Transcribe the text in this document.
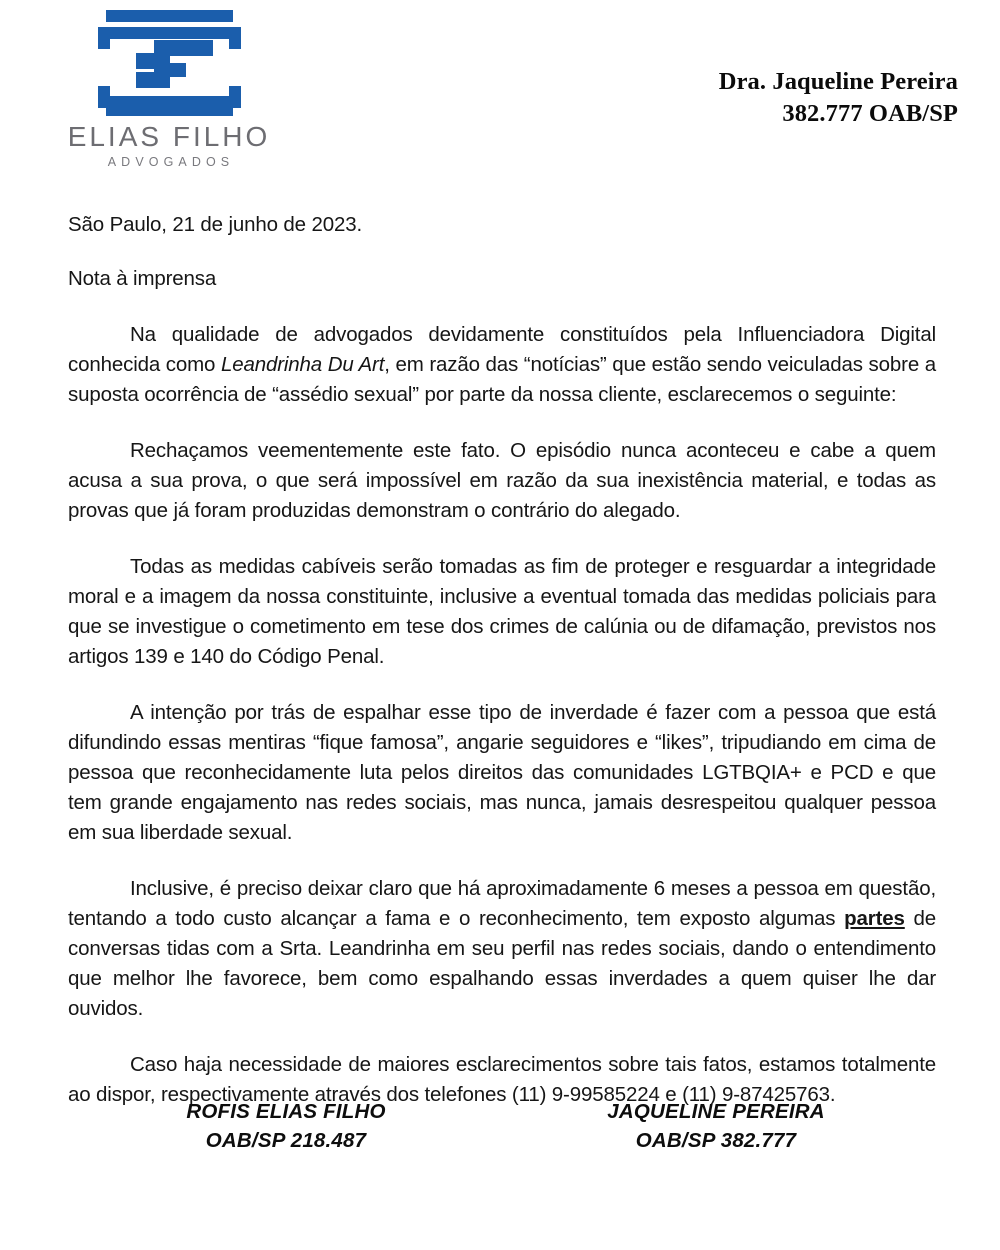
ELIAS FILHO
ADVOGADOS
Dra. Jaqueline Pereira
382.777 OAB/SP
São Paulo, 21 de junho de 2023.
Nota à imprensa

Na qualidade de advogados devidamente constituídos pela Influenciadora Digital conhecida como Leandrinha Du Art, em razão das “notícias” que estão sendo veiculadas sobre a suposta ocorrência de “assédio sexual” por parte da nossa cliente, esclarecemos o seguinte:

Rechaçamos veementemente este fato. O episódio nunca aconteceu e cabe a quem acusa a sua prova, o que será impossível em razão da sua inexistência material, e todas as provas que já foram produzidas demonstram o contrário do alegado.

Todas as medidas cabíveis serão tomadas as fim de proteger e resguardar a integridade moral e a imagem da nossa constituinte, inclusive a eventual tomada das medidas policiais para que se investigue o cometimento em tese dos crimes de calúnia ou de difamação, previstos nos artigos 139 e 140 do Código Penal.

A intenção por trás de espalhar esse tipo de inverdade é fazer com a pessoa que está difundindo essas mentiras “fique famosa”, angarie seguidores e “likes”, tripudiando em cima de pessoa que reconhecidamente luta pelos direitos das comunidades LGTBQIA+ e PCD e que tem grande engajamento nas redes sociais, mas nunca, jamais desrespeitou qualquer pessoa em sua liberdade sexual.

Inclusive, é preciso deixar claro que há aproximadamente 6 meses a pessoa em questão, tentando a todo custo alcançar a fama e o reconhecimento, tem exposto algumas partes de conversas tidas com a Srta. Leandrinha em seu perfil nas redes sociais, dando o entendimento que melhor lhe favorece, bem como espalhando essas inverdades a quem quiser lhe dar ouvidos.

Caso haja necessidade de maiores esclarecimentos sobre tais fatos, estamos totalmente ao dispor, respectivamente através dos telefones (11) 9-99585224 e (11) 9-87425763.

ROFIS ELIAS FILHO
OAB/SP 218.487
JAQUELINE PEREIRA
OAB/SP 382.777
